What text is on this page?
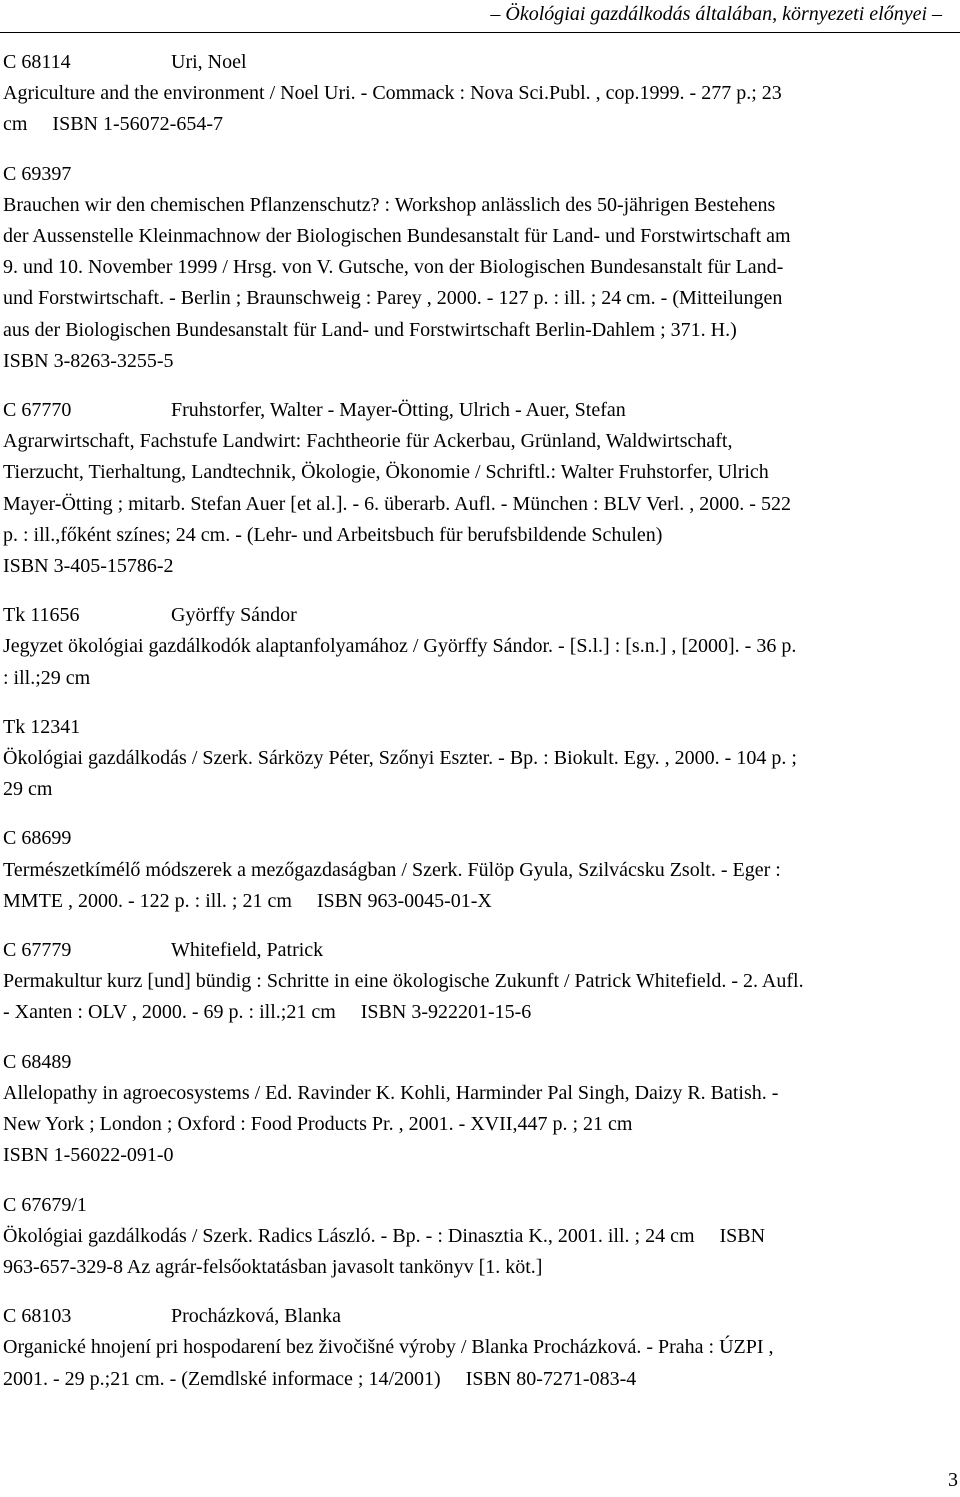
– Ökológiai gazdálkodás általában, környezeti előnyei –
C 68114	Uri, Noel
Agriculture and the environment / Noel Uri. - Commack : Nova Sci.Publ. , cop.1999. - 277 p.; 23
cm     ISBN 1-56072-654-7
C 69397
Brauchen wir den chemischen Pflanzenschutz? : Workshop anlässlich des 50-jährigen Bestehens
der Aussenstelle Kleinmachnow der Biologischen Bundesanstalt für Land- und Forstwirtschaft am
9. und 10. November 1999 / Hrsg. von V. Gutsche, von der Biologischen Bundesanstalt für Land-
und Forstwirtschaft. - Berlin ; Braunschweig : Parey , 2000. - 127 p. : ill. ; 24 cm. - (Mitteilungen
aus der Biologischen Bundesanstalt für Land- und Forstwirtschaft Berlin-Dahlem ; 371. H.)
ISBN 3-8263-3255-5
C 67770	Fruhstorfer, Walter - Mayer-Ötting, Ulrich - Auer, Stefan
Agrarwirtschaft, Fachstufe Landwirt: Fachtheorie für Ackerbau, Grünland, Waldwirtschaft,
Tierzucht, Tierhaltung, Landtechnik, Ökologie, Ökonomie / Schriftl.: Walter Fruhstorfer, Ulrich
Mayer-Ötting ; mitarb. Stefan Auer [et al.]. - 6. überarb. Aufl. - München : BLV Verl. , 2000. - 522
p. : ill.,főként színes; 24 cm. - (Lehr- und Arbeitsbuch für berufsbildende Schulen)
ISBN 3-405-15786-2
Tk 11656	Györffy Sándor
Jegyzet ökológiai gazdálkodók alaptanfolyamához / Györffy Sándor. - [S.l.] : [s.n.] , [2000]. - 36 p.
: ill.;29 cm
Tk 12341
Ökológiai gazdálkodás / Szerk. Sárközy Péter, Szőnyi Eszter. - Bp. : Biokult. Egy. , 2000. - 104 p. ;
29 cm
C 68699
Természetkímélő módszerek a mezőgazdaságban / Szerk. Fülöp Gyula, Szilvácsku Zsolt. - Eger :
MMTE , 2000. - 122 p. : ill. ; 21 cm     ISBN 963-0045-01-X
C 67779	Whitefield, Patrick
Permakultur kurz [und] bündig : Schritte in eine ökologische Zukunft / Patrick Whitefield. - 2. Aufl.
- Xanten : OLV , 2000. - 69 p. : ill.;21 cm     ISBN 3-922201-15-6
C 68489
Allelopathy in agroecosystems / Ed. Ravinder K. Kohli, Harminder Pal Singh, Daizy R. Batish. -
New York ; London ; Oxford : Food Products Pr. , 2001. - XVII,447 p. ; 21 cm
ISBN 1-56022-091-0
C 67679/1
Ökológiai gazdálkodás / Szerk. Radics László. - Bp. - : Dinasztia K., 2001. ill. ; 24 cm     ISBN
963-657-329-8 Az agrár-felsőoktatásban javasolt tankönyv [1. köt.]
C 68103	Procházková, Blanka
Organické hnojení pri hospodarení bez živočišné výroby / Blanka Procházková. - Praha : ÚZPI ,
2001. - 29 p.;21 cm. - (Zemdlské informace ; 14/2001)     ISBN 80-7271-083-4
3
